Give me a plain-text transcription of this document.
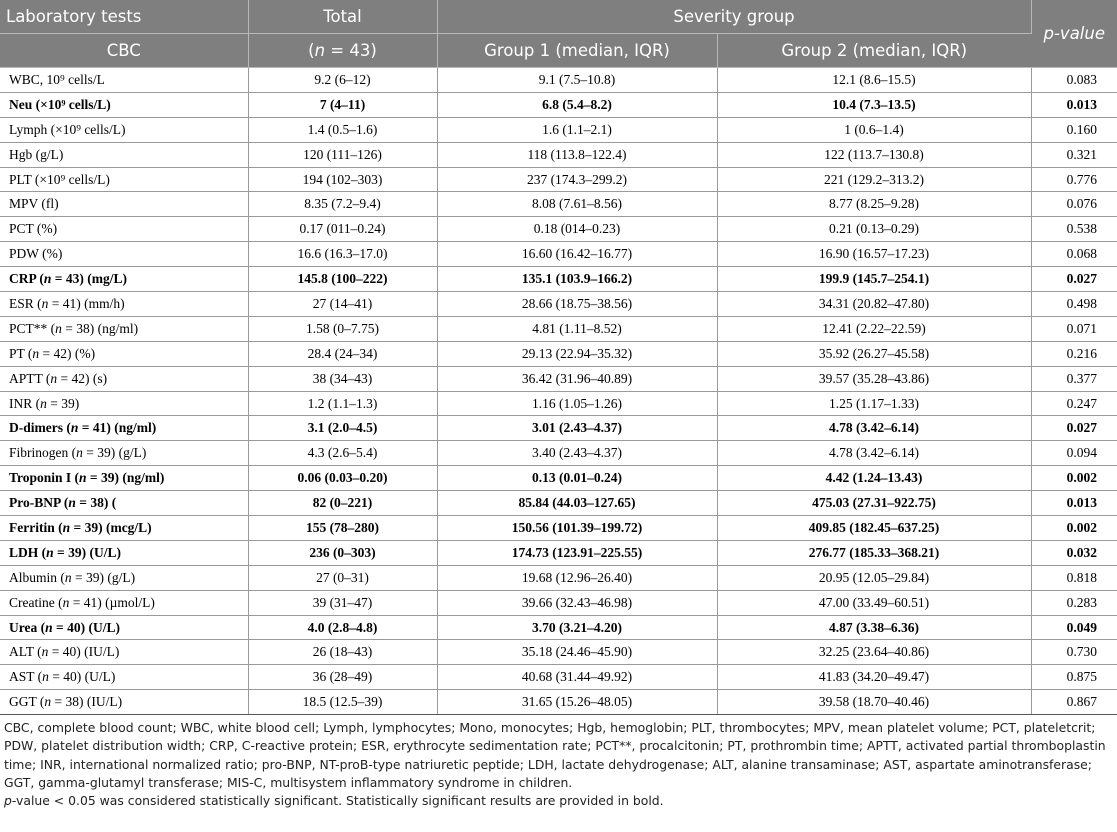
Laboratory tests	Total	Severity group		p-value
CBC	(n = 43)	Group 1 (median, IQR)	Group 2 (median, IQR)	
WBC, 10⁹ cells/L	9.2 (6–12)	9.1 (7.5–10.8)	12.1 (8.6–15.5)	0.083
Neu (×10⁹ cells/L)	7 (4–11)	6.8 (5.4–8.2)	10.4 (7.3–13.5)	0.013
Lymph (×10⁹ cells/L)	1.4 (0.5–1.6)	1.6 (1.1–2.1)	1 (0.6–1.4)	0.160
Hgb (g/L)	120 (111–126)	118 (113.8–122.4)	122 (113.7–130.8)	0.321
PLT (×10⁹ cells/L)	194 (102–303)	237 (174.3–299.2)	221 (129.2–313.2)	0.776
MPV (fl)	8.35 (7.2–9.4)	8.08 (7.61–8.56)	8.77 (8.25–9.28)	0.076
PCT (%)	0.17 (011–0.24)	0.18 (014–0.23)	0.21 (0.13–0.29)	0.538
PDW (%)	16.6 (16.3–17.0)	16.60 (16.42–16.77)	16.90 (16.57–17.23)	0.068
CRP (n = 43) (mg/L)	145.8 (100–222)	135.1 (103.9–166.2)	199.9 (145.7–254.1)	0.027
ESR (n = 41) (mm/h)	27 (14–41)	28.66 (18.75–38.56)	34.31 (20.82–47.80)	0.498
PCT** (n = 38) (ng/ml)	1.58 (0–7.75)	4.81 (1.11–8.52)	12.41 (2.22–22.59)	0.071
PT (n = 42) (%)	28.4 (24–34)	29.13 (22.94–35.32)	35.92 (26.27–45.58)	0.216
APTT (n = 42) (s)	38 (34–43)	36.42 (31.96–40.89)	39.57 (35.28–43.86)	0.377
INR (n = 39)	1.2 (1.1–1.3)	1.16 (1.05–1.26)	1.25 (1.17–1.33)	0.247
D-dimers (n = 41) (ng/ml)	3.1 (2.0–4.5)	3.01 (2.43–4.37)	4.78 (3.42–6.14)	0.027
Fibrinogen (n = 39) (g/L)	4.3 (2.6–5.4)	3.40 (2.43–4.37)	4.78 (3.42–6.14)	0.094
Troponin I (n = 39) (ng/ml)	0.06 (0.03–0.20)	0.13 (0.01–0.24)	4.42 (1.24–13.43)	0.002
Pro-BNP (n = 38) (	82 (0–221)	85.84 (44.03–127.65)	475.03 (27.31–922.75)	0.013
Ferritin (n = 39) (mcg/L)	155 (78–280)	150.56 (101.39–199.72)	409.85 (182.45–637.25)	0.002
LDH (n = 39) (U/L)	236 (0–303)	174.73 (123.91–225.55)	276.77 (185.33–368.21)	0.032
Albumin (n = 39) (g/L)	27 (0–31)	19.68 (12.96–26.40)	20.95 (12.05–29.84)	0.818
Creatine (n = 41) (µmol/L)	39 (31–47)	39.66 (32.43–46.98)	47.00 (33.49–60.51)	0.283
Urea (n = 40) (U/L)	4.0 (2.8–4.8)	3.70 (3.21–4.20)	4.87 (3.38–6.36)	0.049
ALT (n = 40) (IU/L)	26 (18–43)	35.18 (24.46–45.90)	32.25 (23.64–40.86)	0.730
AST (n = 40) (U/L)	36 (28–49)	40.68 (31.44–49.92)	41.83 (34.20–49.47)	0.875
GGT (n = 38) (IU/L)	18.5 (12.5–39)	31.65 (15.26–48.05)	39.58 (18.70–40.46)	0.867

CBC, complete blood count; WBC, white blood cell; Lymph, lymphocytes; Mono, monocytes; Hgb, hemoglobin; PLT, thrombocytes; MPV, mean platelet volume; PCT, plateletcrit; PDW, platelet distribution width; CRP, C-reactive protein; ESR, erythrocyte sedimentation rate; PCT**, procalcitonin; PT, prothrombin time; APTT, activated partial thromboplastin time; INR, international normalized ratio; pro-BNP, NT-proB-type natriuretic peptide; LDH, lactate dehydrogenase; ALT, alanine transaminase; AST, aspartate aminotransferase; GGT, gamma-glutamyl transferase; MIS-C, multisystem inflammatory syndrome in children.

p-value < 0.05 was considered statistically significant. Statistically significant results are provided in bold.
